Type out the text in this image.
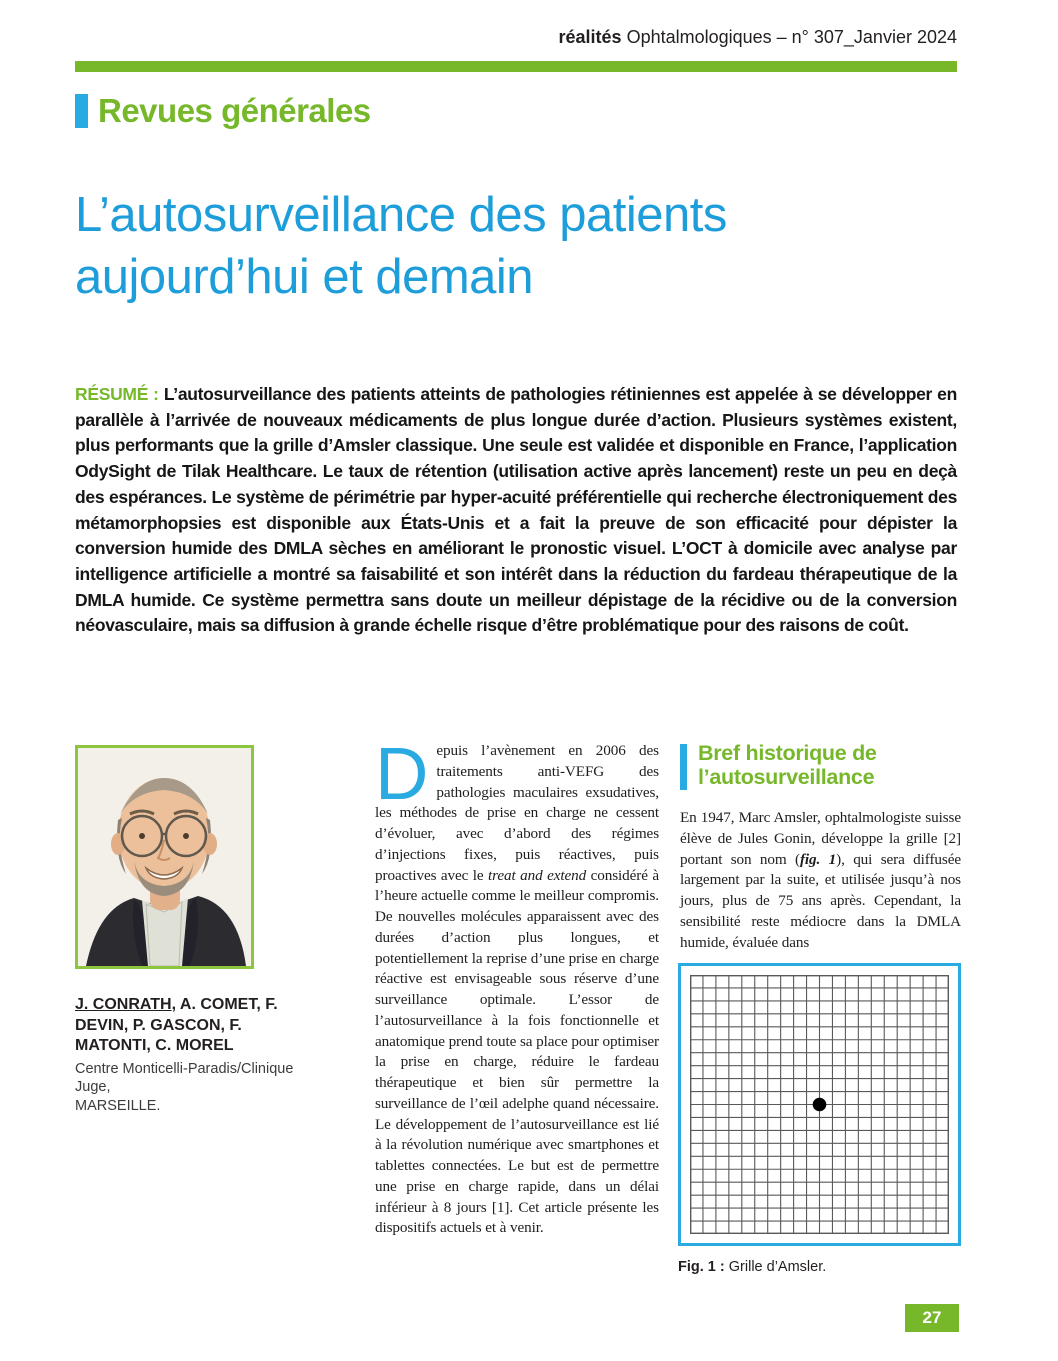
réalités Ophtalmologiques – n° 307_Janvier 2024
Revues générales
L’autosurveillance des patients
aujourd’hui et demain
RÉSUMÉ : L’autosurveillance des patients atteints de pathologies rétiniennes est appelée à se développer en parallèle à l’arrivée de nouveaux médicaments de plus longue durée d’action. Plusieurs systèmes existent, plus performants que la grille d’Amsler classique. Une seule est validée et disponible en France, l’application OdySight de Tilak Healthcare. Le taux de rétention (utilisation active après lancement) reste un peu en deçà des espérances. Le système de périmétrie par hyper-acuité préférentielle qui recherche électroniquement des métamorphopsies est disponible aux États-Unis et a fait la preuve de son efficacité pour dépister la conversion humide des DMLA sèches en améliorant le pronostic visuel. L’OCT à domicile avec analyse par intelligence artificielle a montré sa faisabilité et son intérêt dans la réduction du fardeau thérapeutique de la DMLA humide. Ce système permettra sans doute un meilleur dépistage de la récidive ou de la conversion néovasculaire, mais sa diffusion à grande échelle risque d’être problématique pour des raisons de coût.
J. CONRATH, A. COMET, F. DEVIN, P. GASCON, F. MATONTI, C. MOREL
Centre Monticelli-Paradis/Clinique Juge,
MARSEILLE.
Depuis l’avènement en 2006 des traitements anti-VEFG des pathologies maculaires exsudatives, les méthodes de prise en charge ne cessent d’évoluer, avec d’abord des régimes d’injections fixes, puis réactives, puis proactives avec le treat and extend considéré à l’heure actuelle comme le meilleur compromis. De nouvelles molécules apparaissent avec des durées d’action plus longues, et potentiellement la reprise d’une prise en charge réactive est envisageable sous réserve d’une surveillance optimale. L’essor de l’autosurveillance à la fois fonctionnelle et anatomique prend toute sa place pour optimiser la prise en charge, réduire le fardeau thérapeutique et bien sûr permettre la surveillance de l’œil adelphe quand nécessaire. Le développement de l’autosurveillance est lié à la révolution numérique avec smartphones et tablettes connectées. Le but est de permettre une prise en charge rapide, dans un délai inférieur à 8 jours [1]. Cet article présente les dispositifs actuels et à venir.
Bref historique de
l’autosurveillance
En 1947, Marc Amsler, ophtalmologiste suisse élève de Jules Gonin, développe la grille [2] portant son nom (fig. 1), qui sera diffusée largement par la suite, et utilisée jusqu’à nos jours, plus de 75 ans après. Cependant, la sensibilité reste médiocre dans la DMLA humide, évaluée dans
Fig. 1 : Grille d’Amsler.
27
